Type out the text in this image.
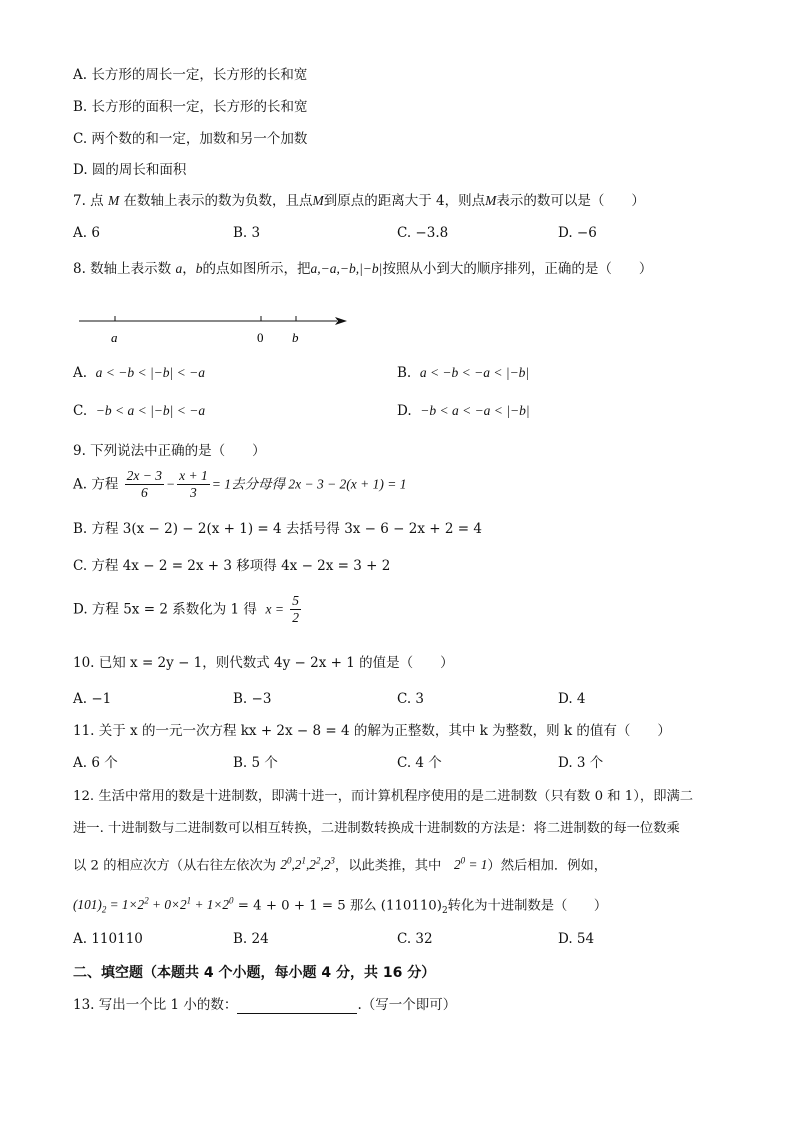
A. 长方形的周长一定，长方形的长和宽
B. 长方形的面积一定，长方形的长和宽
C. 两个数的和一定，加数和另一个加数
D. 圆的周长和面积
7. 点 M 在数轴上表示的数为负数，且点M到原点的距离大于 4，则点M表示的数可以是（　　）
A. 6	B. 3	C. −3.8	D. −6
8. 数轴上表示数 a，b的点如图所示，把a,−a,−b,|−b|按照从小到大的顺序排列，正确的是（　　）
a	0 b
A. a < −b < |−b| < −a	B. a < −b < −a < |−b|
C. −b < a < |−b| < −a	D. −b < a < −a < |−b|
9. 下列说法中正确的是（　　）
A. 方程 $\frac{2x - 3}{6} - \frac{x + 1}{3} = 1$去分母得 2x − 3 − 2(x + 1) = 1
B. 方程 3(x − 2) − 2(x + 1) = 4 去括号得 3x − 6 − 2x + 2 = 4
C. 方程 4x − 2 = 2x + 3 移项得 4x − 2x = 3 + 2
D. 方程 5x = 2 系数化为 1 得 $x = \frac{5}{2}$
10. 已知 x = 2y − 1，则代数式 4y − 2x + 1 的值是（　　）
A. −1	B. −3	C. 3	D. 4
11. 关于 x 的一元一次方程 kx + 2x − 8 = 4 的解为正整数，其中 k 为整数，则 k 的值有（　　）
A. 6 个	B. 5 个	C. 4 个	D. 3 个
12. 生活中常用的数是十进制数，即满十进一，而计算机程序使用的是二进制数（只有数 0 和 1），即满二
进一. 十进制数与二进制数可以相互转换，二进制数转换成十进制数的方法是：将二进制数的每一位数乘
以 2 的相应次方（从右往左依次为 $2^0,2^1,2^2,2^3$，以此类推，其中 $2^0 = 1$）然后相加．例如，
$(101)_2 = 1\times 2^2 + 0\times 2^1 + 1\times 2^0 = 4 + 0 + 1 = 5$ 那么 $(110110)_2$转化为十进制数是（　　）
A. 110110	B. 24	C. 32	D. 54
二、填空题（本题共 4 个小题，每小题 4 分，共 16 分）
13. 写出一个比 1 小的数：	.（写一个即可）
